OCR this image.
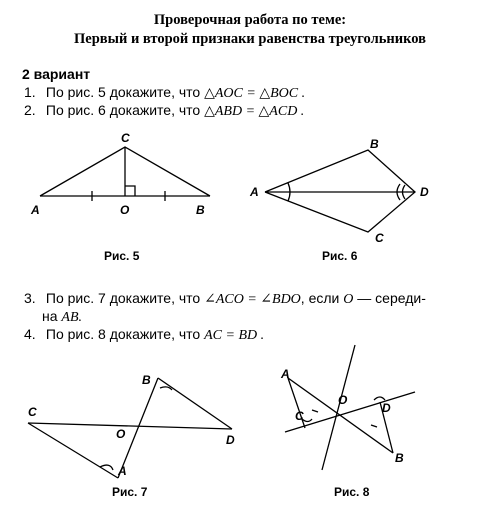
Проверочная работа по теме:
Первый и второй признаки равенства треугольников
2 вариант
1. По рис. 5 докажите, что △AOC = △BOC .
2. По рис. 6 докажите, что △ABD = △ACD .
3. По рис. 7 докажите, что ∠ACO = ∠BDO, если O — середи-
на AB.
4. По рис. 8 докажите, что AC = BD .
C
A	O	B
B
A	D
C
B
C
O	D
A
A
O
D
C
B
Рис. 5	Рис. 6
Рис. 7	Рис. 8
